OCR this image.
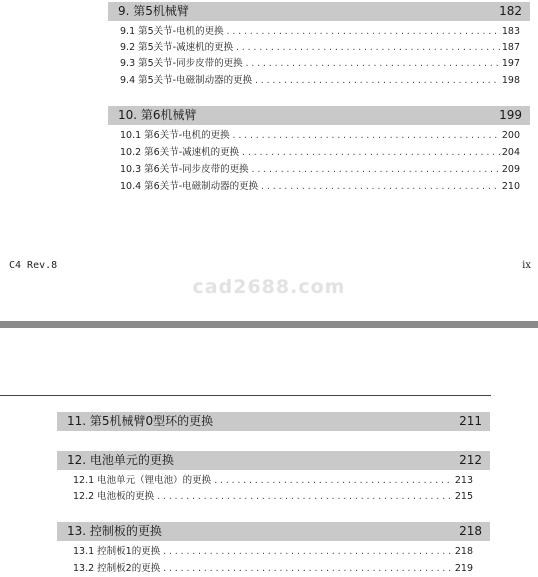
9. 第5机械臂	182
9.1 第5关节-电机的更换 .....	183
9.2 第5关节-减速机的更换 .....	187
9.3 第5关节-同步皮带的更换 .....	197
9.4 第5关节-电磁制动器的更换 .....	198
10. 第6机械臂	199
10.1 第6关节-电机的更换 .....	200
10.2 第6关节-减速机的更换 .....	204
10.3 第6关节-同步皮带的更换 .....	209
10.4 第6关节-电磁制动器的更换 .....	210
C4 Rev.8	ix
cad2688.com
11. 第5机械臂0型环的更换	211
12. 电池单元的更换	212
12.1 电池单元（锂电池）的更换 .....	213
12.2 电池板的更换 .....	215
13. 控制板的更换	218
13.1 控制板1的更换 .....	218
13.2 控制板2的更换 .....	219
